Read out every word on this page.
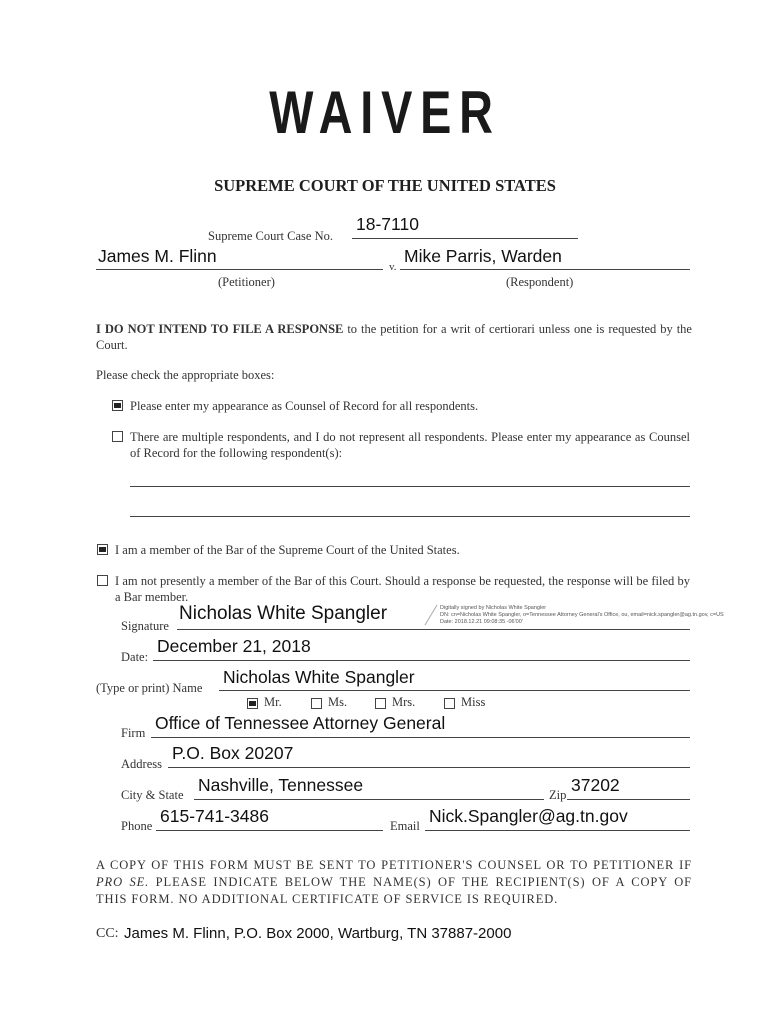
WAIVER
SUPREME COURT OF THE UNITED STATES
Supreme Court Case No.
18-7110
James M. Flinn
v.
Mike Parris, Warden
(Petitioner)	(Respondent)
I DO NOT INTEND TO FILE A RESPONSE to the petition for a writ of certiorari unless one is requested by the Court.
Please check the appropriate boxes:
Please enter my appearance as Counsel of Record for all respondents.
There are multiple respondents, and I do not represent all respondents. Please enter my appearance as Counsel of Record for the following respondent(s):
I am a member of the Bar of the Supreme Court of the United States.
I am not presently a member of the Bar of this Court. Should a response be requested, the response will be filed by a Bar member.
Signature
Nicholas White Spangler	Digitally signed by Nicholas White Spangler
DN: cn=Nicholas White Spangler, o=Tennessee Attorney General's Office, ou, email=nick.spangler@ag.tn.gov, c=US
Date: 2018.12.21 09:08:35 -06'00'
Date:
December 21, 2018
(Type or print) Name
Nicholas White Spangler
Mr.	Ms.	Mrs.	Miss
Firm Office of Tennessee Attorney General
Address
P.O. Box 20207
City & State Nashville, Tennessee	Zip 37202
Phone 615-741-3486	Email Nick.Spangler@ag.tn.gov
A COPY OF THIS FORM MUST BE SENT TO PETITIONER'S COUNSEL OR TO PETITIONER IF PRO SE. PLEASE INDICATE BELOW THE NAME(S) OF THE RECIPIENT(S) OF A COPY OF THIS FORM. NO ADDITIONAL CERTIFICATE OF SERVICE IS REQUIRED.
CC: James M. Flinn, P.O. Box 2000, Wartburg, TN 37887-2000
